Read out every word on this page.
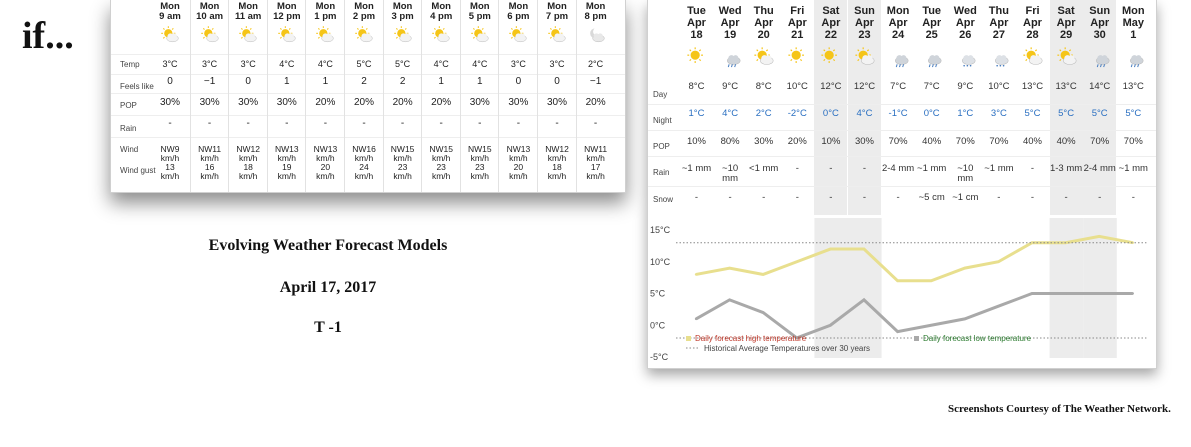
if...
Temp
Feels like
POP
Rain
Wind
Wind gust
Mon
9 am
3°C
0
30%
-
NW9
km/h
13
km/h
Mon
10 am
3°C
−1
30%
-
NW11
km/h
16
km/h
Mon
11 am
3°C
0
30%
-
NW12
km/h
18
km/h
Mon
12 pm
4°C
1
30%
-
NW13
km/h
19
km/h
Mon
1 pm
4°C
1
20%
-
NW13
km/h
20
km/h
Mon
2 pm
5°C
2
20%
-
NW16
km/h
24
km/h
Mon
3 pm
5°C
2
20%
-
NW15
km/h
23
km/h
Mon
4 pm
4°C
1
20%
-
NW15
km/h
23
km/h
Mon
5 pm
4°C
1
30%
-
NW15
km/h
23
km/h
Mon
6 pm
3°C
0
30%
-
NW13
km/h
20
km/h
Mon
7 pm
3°C
0
30%
-
NW12
km/h
18
km/h
Mon
8 pm
2°C
−1
20%
-
NW11
km/h
17
km/h
Evolving Weather Forecast Models
April 17, 2017
T -1
Tue
Apr
18
8°C
1°C
10%
~1 mm
-
Wed
Apr
19
9°C
4°C
80%
~10 mm
-
Thu
Apr
20
8°C
2°C
30%
<1 mm
-
Fri
Apr
21
10°C
-2°C
20%
-
-
Sat
Apr
22
12°C
0°C
10%
-
-
Sun
Apr
23
12°C
4°C
30%
-
-
Mon
Apr
24
7°C
-1°C
70%
2-4 mm
-
Tue
Apr
25
7°C
0°C
40%
~1 mm
~5 cm
Wed
Apr
26
9°C
1°C
70%
~10 mm
~1 cm
Thu
Apr
27
10°C
3°C
70%
~1 mm
-
Fri
Apr
28
13°C
5°C
40%
-
-
Sat
Apr
29
13°C
5°C
40%
1-3 mm
-
Sun
Apr
30
14°C
5°C
70%
2-4 mm
-
Mon
May
1
13°C
5°C
70%
~1 mm
-
Day
Night
POP
Rain
Snow
15°C
10°C
5°C
0°C
-5°C
Daily forecast high temperature	Daily forecast low temperature
Historical Average Temperatures over 30 years
Screenshots Courtesy of The Weather Network.
